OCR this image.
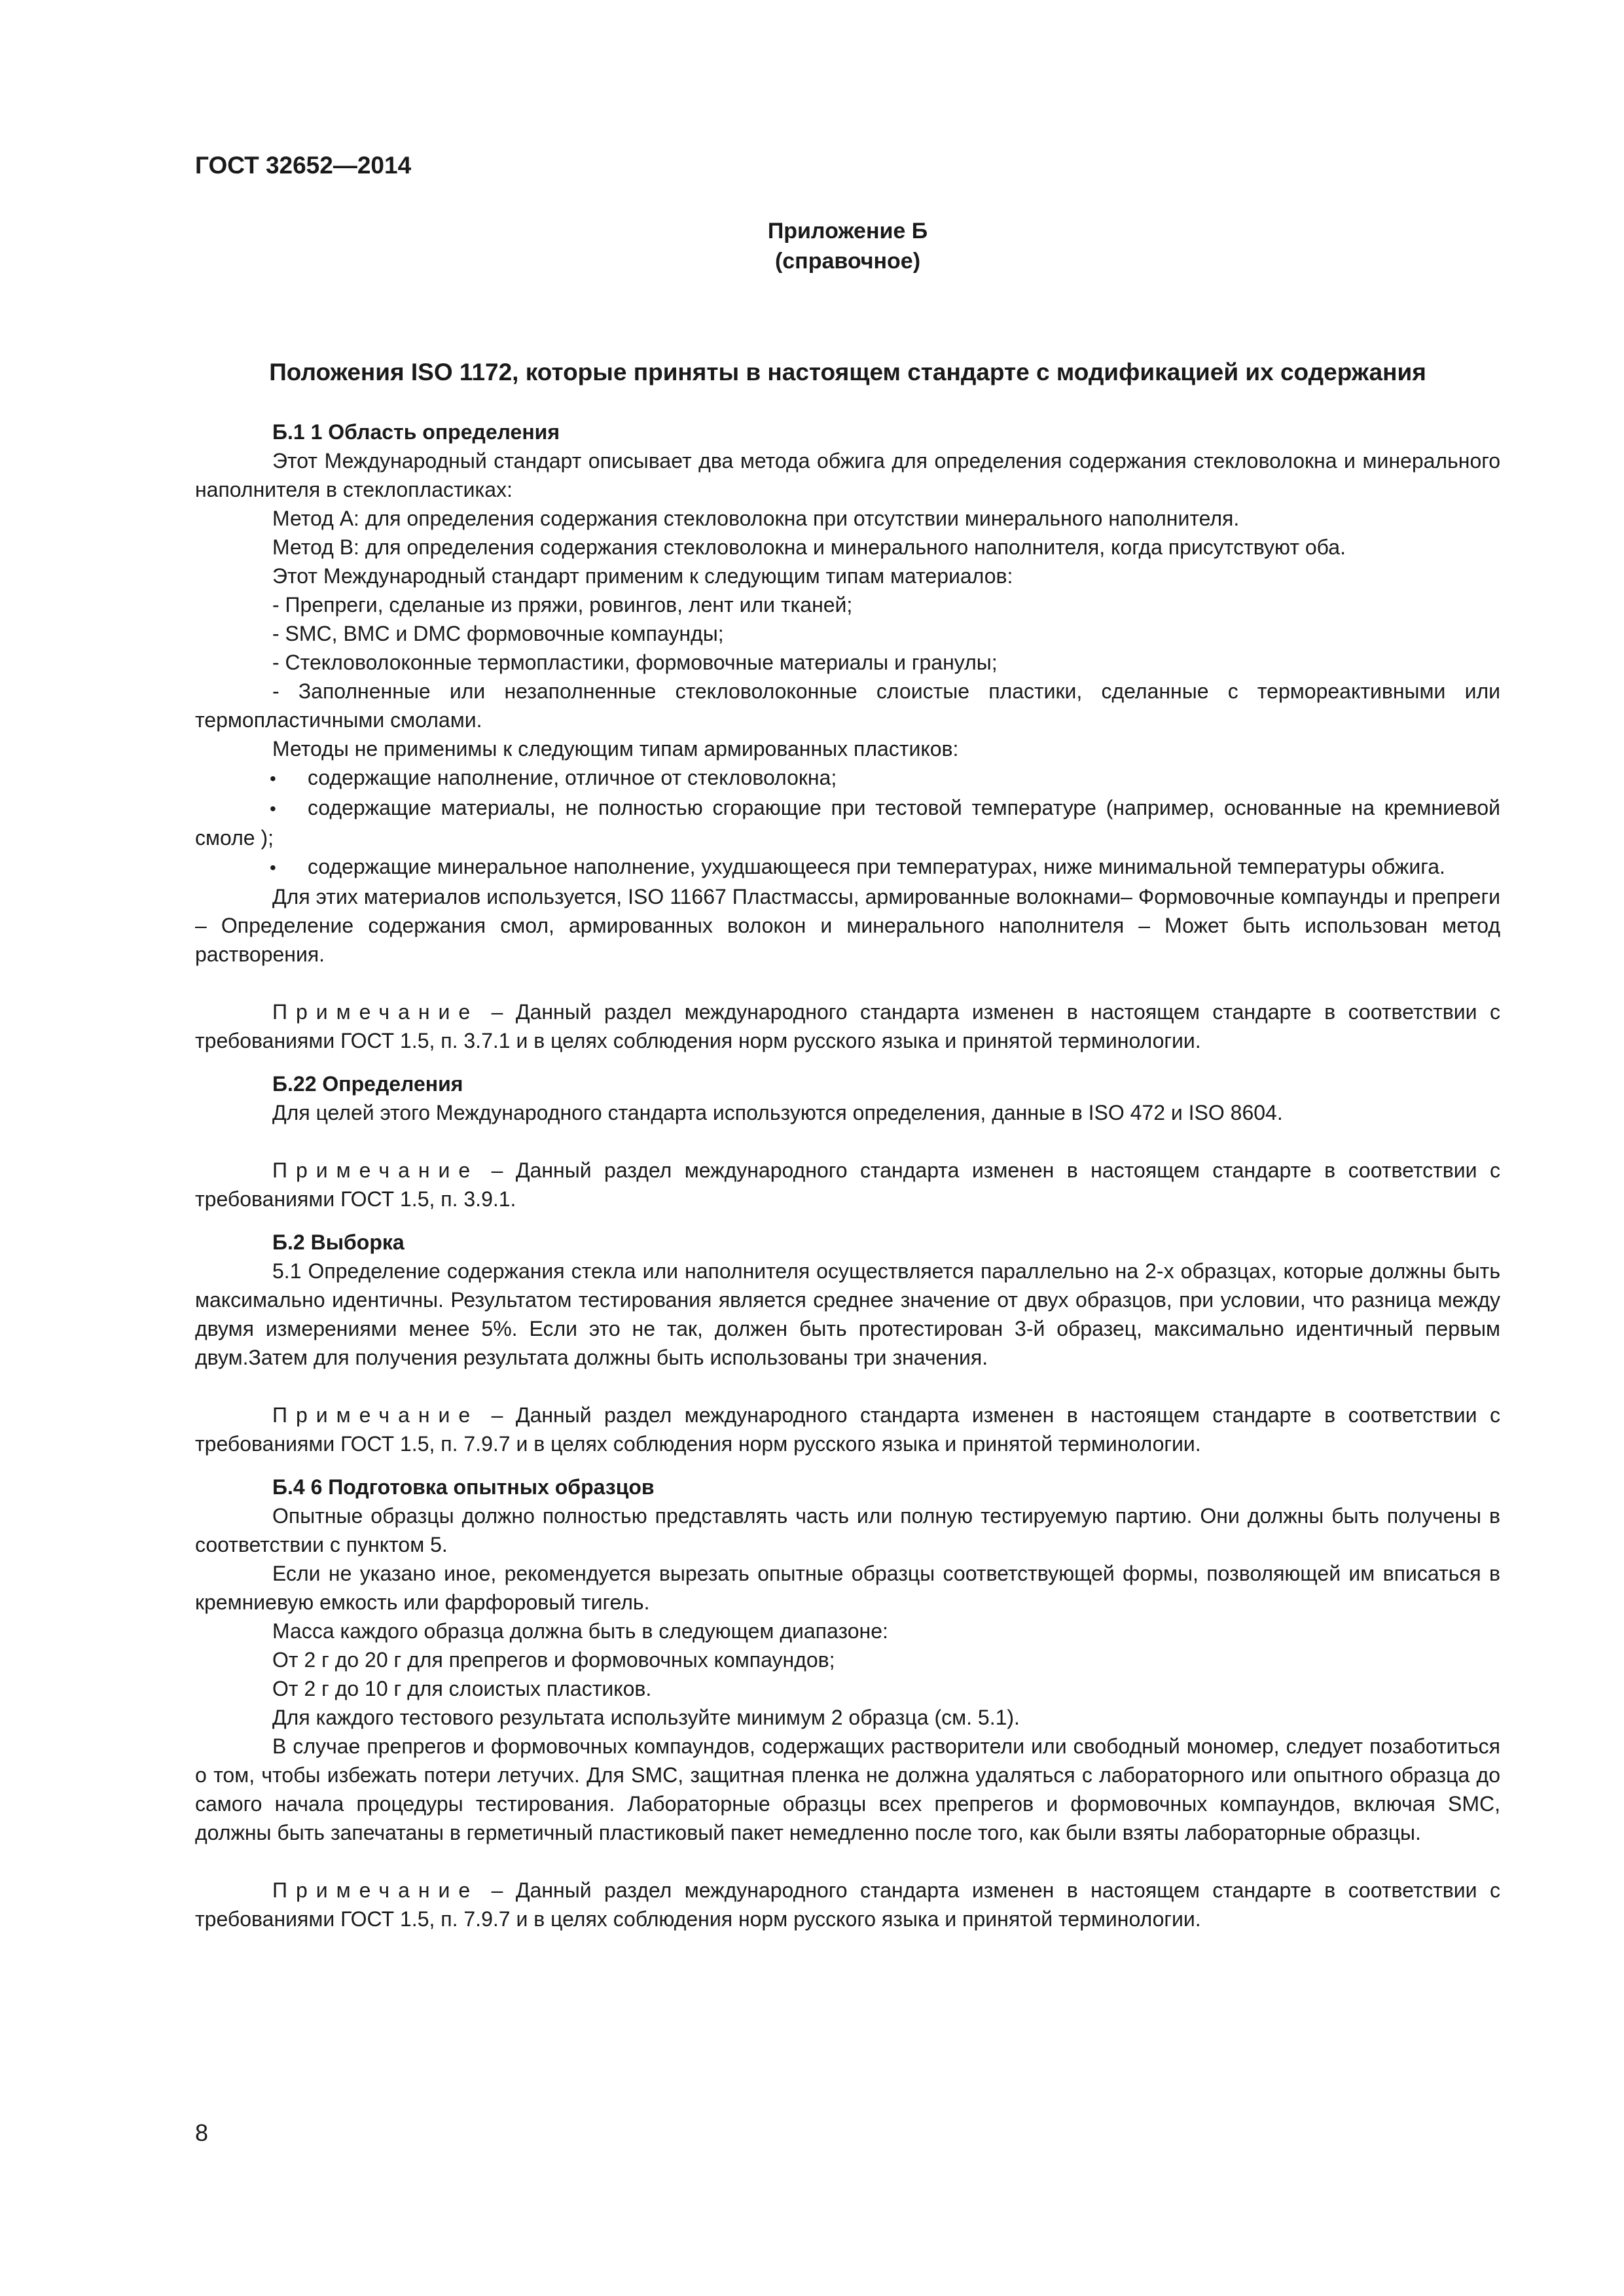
ГОСТ 32652—2014
Приложение Б
(справочное)
Положения ISO 1172, которые приняты в настоящем стандарте с модификацией их содержания
Б.1 1 Область определения

Этот Международный стандарт описывает два метода обжига для определения содержания стекловолокна и минерального наполнителя в стеклопластиках:

Метод А: для определения содержания стекловолокна при отсутствии минерального наполнителя.

Метод В: для определения содержания стекловолокна и минерального наполнителя, когда присутствуют оба.

Этот Международный стандарт применим к следующим типам материалов:

- Препреги, сделаные из пряжи, ровингов, лент или тканей;

- SMC, BMC и DMC формовочные компаунды;

- Стекловолоконные термопластики, формовочные материалы и гранулы;

- Заполненные или незаполненные стекловолоконные слоистые пластики, сделанные с термореактивными или термопластичными смолами.

Методы не применимы к следующим типам армированных пластиков:

• содержащие наполнение, отличное от стекловолокна;
• содержащие материалы, не полностью сгорающие при тестовой температуре (например, основанные на кремниевой смоле );
• содержащие минеральное наполнение, ухудшающееся при температурах, ниже минимальной температуры обжига.

Для этих материалов используется, ISO 11667 Пластмассы, армированные волокнами– Формовочные компаунды и препреги – Определение содержания смол, армированных волокон и минерального наполнителя – Может быть использован метод растворения.

Примечание – Данный раздел международного стандарта изменен в настоящем стандарте в соответствии с требованиями ГОСТ 1.5, п. 3.7.1 и в целях соблюдения норм русского языка и принятой терминологии.

Б.22 Определения

Для целей этого Международного стандарта используются определения, данные в ISO 472 и ISO 8604.

Примечание – Данный раздел международного стандарта изменен в настоящем стандарте в соответствии с требованиями ГОСТ 1.5, п. 3.9.1.

Б.2 Выборка

5.1 Определение содержания стекла или наполнителя осуществляется параллельно на 2-х образцах, которые должны быть максимально идентичны. Результатом тестирования является среднее значение от двух образцов, при условии, что разница между двумя измерениями менее 5%. Если это не так, должен быть протестирован 3-й образец, максимально идентичный первым двум.Затем для получения результата должны быть использованы три значения.

Примечание – Данный раздел международного стандарта изменен в настоящем стандарте в соответствии с требованиями ГОСТ 1.5, п. 7.9.7 и в целях соблюдения норм русского языка и принятой терминологии.

Б.4 6 Подготовка опытных образцов

Опытные образцы должно полностью представлять часть или полную тестируемую партию. Они должны быть получены в соответствии с пунктом 5.

Если не указано иное, рекомендуется вырезать опытные образцы соответствующей формы, позволяющей им вписаться в кремниевую емкость или фарфоровый тигель.

Масса каждого образца должна быть в следующем диапазоне:

От 2 г до 20 г для препрегов и формовочных компаундов;

От 2 г до 10 г для слоистых пластиков.

Для каждого тестового результата используйте минимум 2 образца (см. 5.1).

В случае препрегов и формовочных компаундов, содержащих растворители или свободный мономер, следует позаботиться о том, чтобы избежать потери летучих. Для SMC, защитная пленка не должна удаляться с лабораторного или опытного образца до самого начала процедуры тестирования. Лабораторные образцы всех препрегов и формовочных компаундов, включая SMC, должны быть запечатаны в герметичный пластиковый пакет немедленно после того, как были взяты лабораторные образцы.

Примечание – Данный раздел международного стандарта изменен в настоящем стандарте в соответствии с требованиями ГОСТ 1.5, п. 7.9.7 и в целях соблюдения норм русского языка и принятой терминологии.

8
